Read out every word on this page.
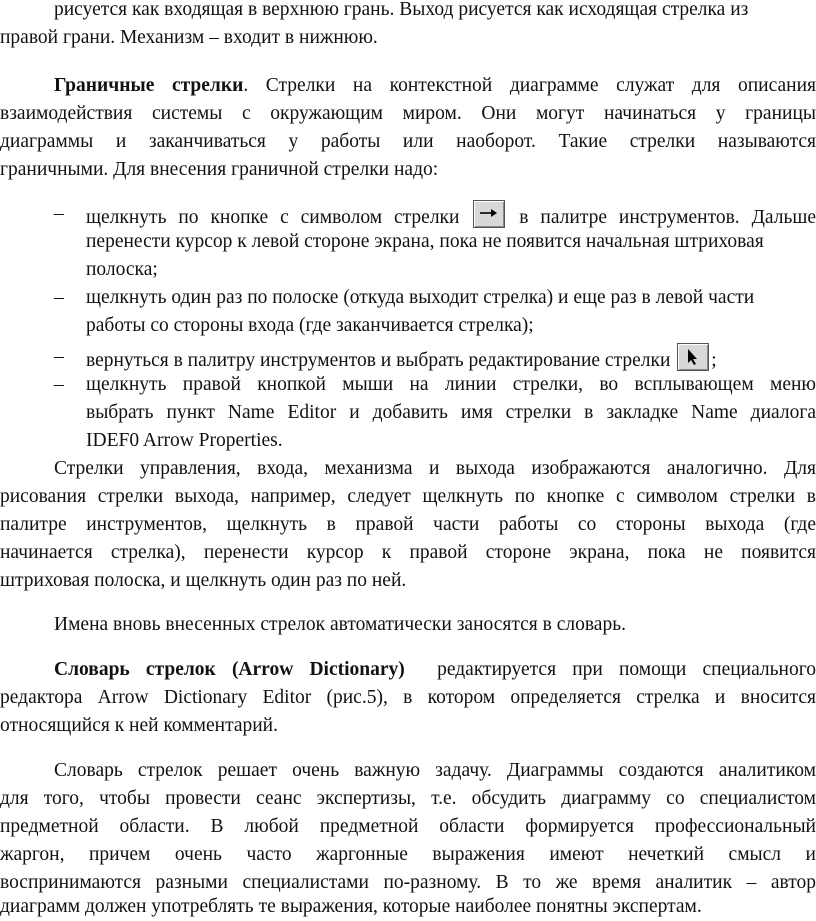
рисуется как входящая в верхнюю грань. Выход рисуется как исходящая стрелка из
правой грани. Механизм – входит в нижнюю.
Граничные стрелки. Стрелки на контекстной диаграмме служат для описания
взаимодействия системы с окружающим миром. Они могут начинаться у границы
диаграммы и заканчиваться у работы или наоборот. Такие стрелки называются
граничными. Для внесения граничной стрелки надо:
–	щелкнуть по кнопке с символом стрелки	в палитре инструментов. Дальше
перенести курсор к левой стороне экрана, пока не появится начальная штриховая
полоска;
–	щелкнуть один раз по полоске (откуда выходит стрелка) и еще раз в левой части
работы со стороны входа (где заканчивается стрелка);
–	вернуться в палитру инструментов и выбрать редактирование стрелки ;
–	щелкнуть правой кнопкой мыши на линии стрелки, во всплывающем меню
выбрать пункт Name Editor и добавить имя стрелки в закладке Name диалога
IDEF0 Arrow Properties.
Стрелки управления, входа, механизма и выхода изображаются аналогично. Для
рисования стрелки выхода, например, следует щелкнуть по кнопке с символом стрелки в
палитре инструментов, щелкнуть в правой части работы со стороны выхода (где
начинается стрелка), перенести курсор к правой стороне экрана, пока не появится
штриховая полоска, и щелкнуть один раз по ней.
Имена вновь внесенных стрелок автоматически заносятся в словарь.
Словарь стрелок (Arrow Dictionary) редактируется при помощи специального
редактора Arrow Dictionary Editor (рис.5), в котором определяется стрелка и вносится
относящийся к ней комментарий.
Словарь стрелок решает очень важную задачу. Диаграммы создаются аналитиком
для того, чтобы провести сеанс экспертизы, т.е. обсудить диаграмму со специалистом
предметной области. В любой предметной области формируется профессиональный
жаргон, причем очень часто жаргонные выражения имеют нечеткий смысл и
воспринимаются разными специалистами по-разному. В то же время аналитик – автор
диаграмм должен употреблять те выражения, которые наиболее понятны экспертам.
